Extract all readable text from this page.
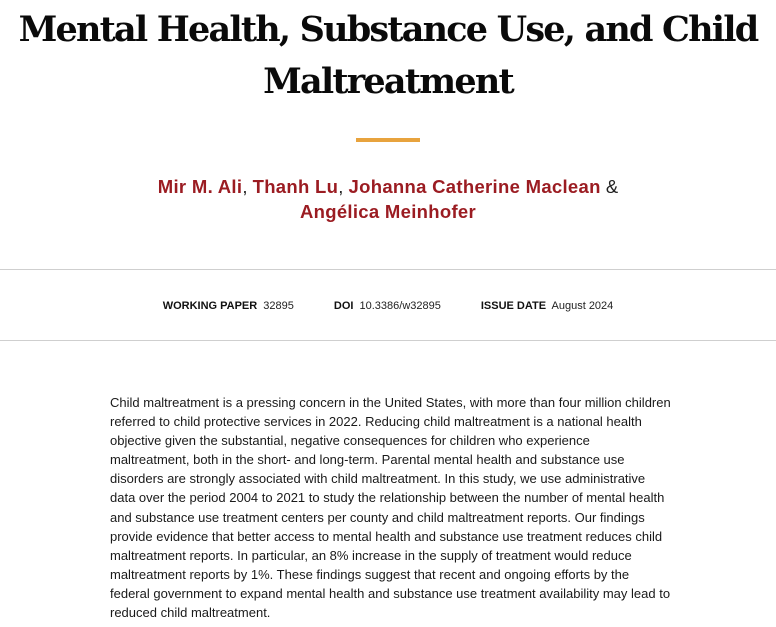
Mental Health, Substance Use, and Child Maltreatment
Mir M. Ali, Thanh Lu, Johanna Catherine Maclean &
Angélica Meinhofer
WORKING PAPER 32895	DOI 10.3386/w32895	ISSUE DATE August 2024

Child maltreatment is a pressing concern in the United States, with more than four million children referred to child protective services in 2022. Reducing child maltreatment is a national health objective given the substantial, negative consequences for children who experience maltreatment, both in the short- and long-term. Parental mental health and substance use disorders are strongly associated with child maltreatment. In this study, we use administrative data over the period 2004 to 2021 to study the relationship between the number of mental health and substance use treatment centers per county and child maltreatment reports. Our findings provide evidence that better access to mental health and substance use treatment reduces child maltreatment reports. In particular, an 8% increase in the supply of treatment would reduce maltreatment reports by 1%. These findings suggest that recent and ongoing efforts by the federal government to expand mental health and substance use treatment availability may lead to reduced child maltreatment.
